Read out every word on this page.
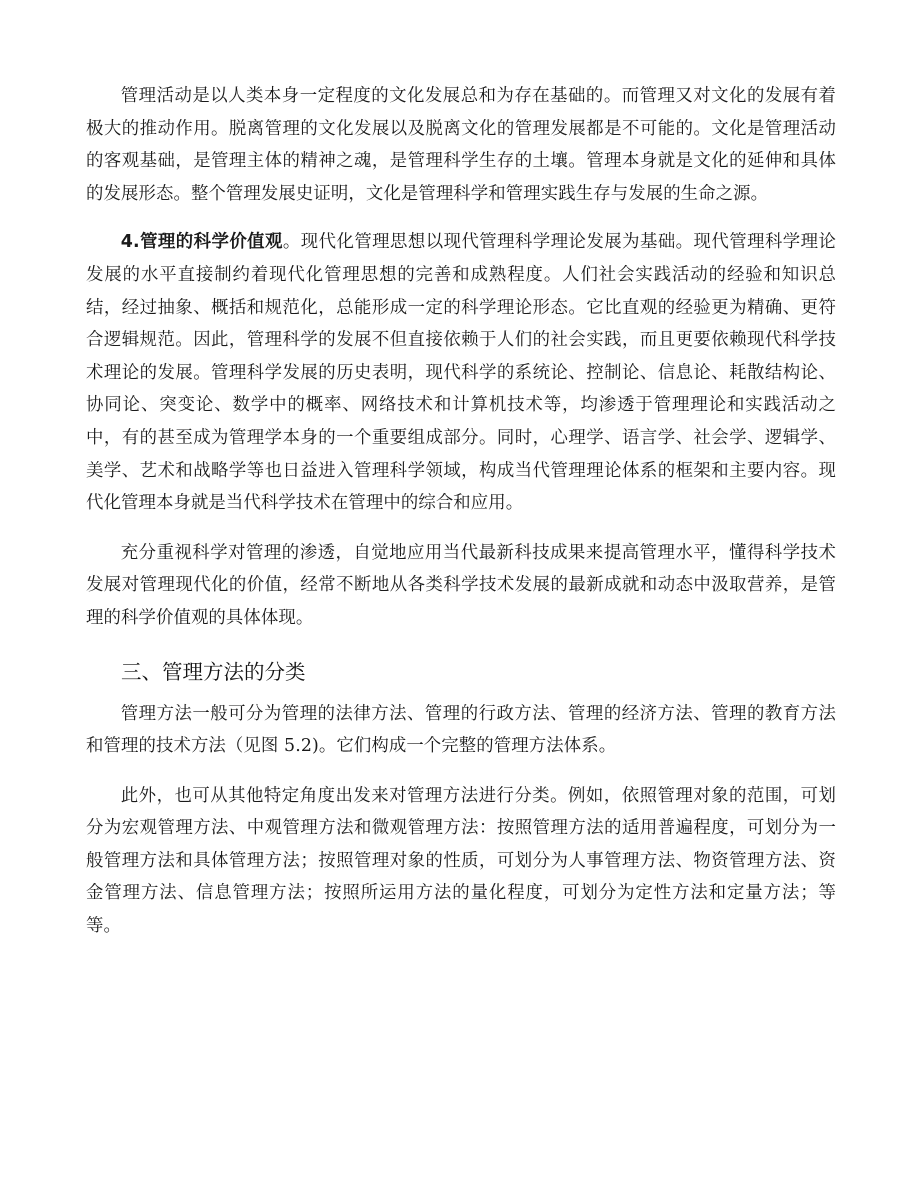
管理活动是以人类本身一定程度的文化发展总和为存在基础的。而管理又对文化的发展有着极大的推动作用。脱离管理的文化发展以及脱离文化的管理发展都是不可能的。文化是管理活动的客观基础，是管理主体的精神之魂，是管理科学生存的土壤。管理本身就是文化的延伸和具体的发展形态。整个管理发展史证明，文化是管理科学和管理实践生存与发展的生命之源。

4.管理的科学价值观。现代化管理思想以现代管理科学理论发展为基础。现代管理科学理论发展的水平直接制约着现代化管理思想的完善和成熟程度。人们社会实践活动的经验和知识总结，经过抽象、概括和规范化，总能形成一定的科学理论形态。它比直观的经验更为精确、更符合逻辑规范。因此，管理科学的发展不但直接依赖于人们的社会实践，而且更要依赖现代科学技术理论的发展。管理科学发展的历史表明，现代科学的系统论、控制论、信息论、耗散结构论、协同论、突变论、数学中的概率、网络技术和计算机技术等，均渗透于管理理论和实践活动之中，有的甚至成为管理学本身的一个重要组成部分。同时，心理学、语言学、社会学、逻辑学、美学、艺术和战略学等也日益进入管理科学领域，构成当代管理理论体系的框架和主要内容。现代化管理本身就是当代科学技术在管理中的综合和应用。

充分重视科学对管理的渗透，自觉地应用当代最新科技成果来提高管理水平，懂得科学技术发展对管理现代化的价值，经常不断地从各类科学技术发展的最新成就和动态中汲取营养，是管理的科学价值观的具体体现。

三、管理方法的分类

管理方法一般可分为管理的法律方法、管理的行政方法、管理的经济方法、管理的教育方法和管理的技术方法（见图 5.2)。它们构成一个完整的管理方法体系。

此外，也可从其他特定角度出发来对管理方法进行分类。例如，依照管理对象的范围，可划分为宏观管理方法、中观管理方法和微观管理方法：按照管理方法的适用普遍程度，可划分为一般管理方法和具体管理方法；按照管理对象的性质，可划分为人事管理方法、物资管理方法、资金管理方法、信息管理方法；按照所运用方法的量化程度，可划分为定性方法和定量方法；等等。
